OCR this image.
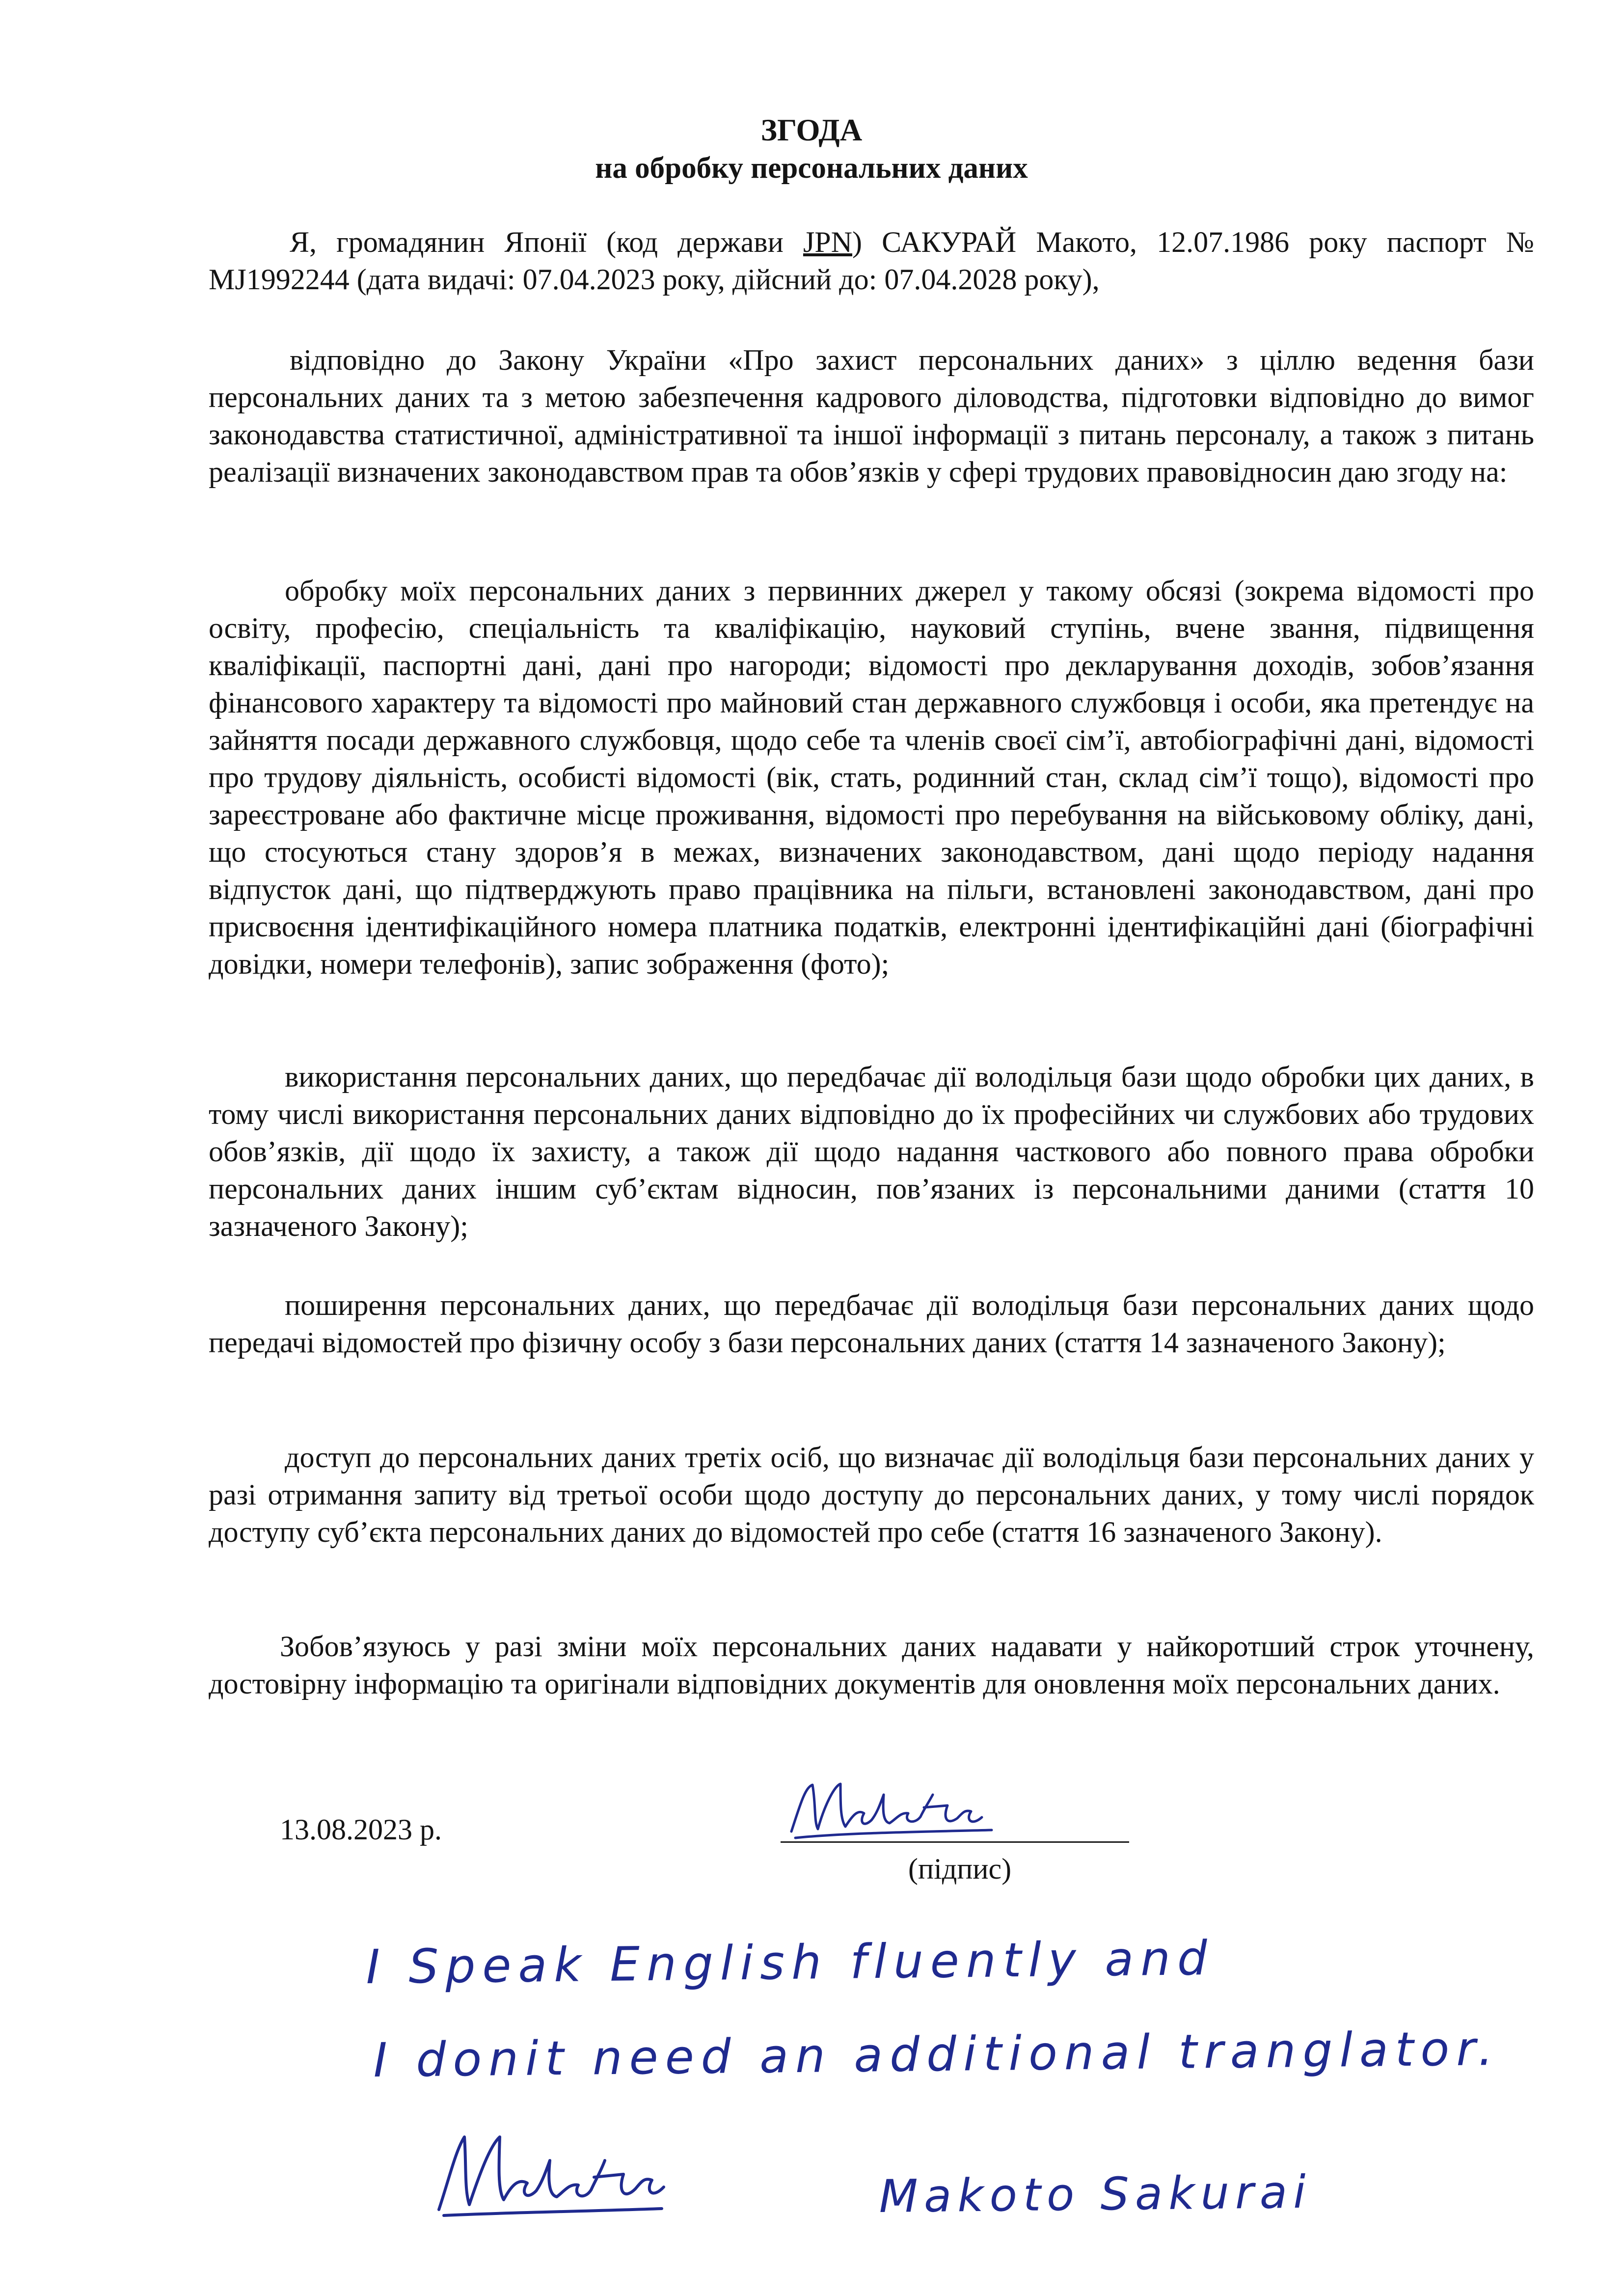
ЗГОДА
на обробку персональних даних
Я, громадянин Японії (код держави JPN) САКУРАЙ Макото, 12.07.1986 року паспорт № MJ1992244 (дата видачі: 07.04.2023 року, дійсний до: 07.04.2028 року),
відповідно до Закону України «Про захист персональних даних» з ціллю ведення бази персональних даних та з метою забезпечення кадрового діловодства, підготовки відповідно до вимог законодавства статистичної, адміністративної та іншої інформації з питань персоналу, а також з питань реалізації визначених законодавством прав та обов’язків у сфері трудових правовідносин даю згоду на:
обробку моїх персональних даних з первинних джерел у такому обсязі (зокрема відомості про освіту, професію, спеціальність та кваліфікацію, науковий ступінь, вчене звання, підвищення кваліфікації, паспортні дані, дані про нагороди; відомості про декларування доходів, зобов’язання фінансового характеру та відомості про майновий стан державного службовця і особи, яка претендує на зайняття посади державного службовця, щодо себе та членів своєї сім’ї, автобіографічні дані, відомості про трудову діяльність, особисті відомості (вік, стать, родинний стан, склад сім’ї тощо), відомості про зареєстроване або фактичне місце проживання, відомості про перебування на військовому обліку, дані, що стосуються стану здоров’я в межах, визначених законодавством, дані щодо періоду надання відпусток дані, що підтверджують право працівника на пільги, встановлені законодавством, дані про присвоєння ідентифікаційного номера платника податків, електронні ідентифікаційні дані (біографічні довідки, номери телефонів), запис зображення (фото);
використання персональних даних, що передбачає дії володільця бази щодо обробки цих даних, в тому числі використання персональних даних відповідно до їх професійних чи службових або трудових обов’язків, дії щодо їх захисту, а також дії щодо надання часткового або повного права обробки персональних даних іншим суб’єктам відносин, пов’язаних із персональними даними (стаття 10 зазначеного Закону);
поширення персональних даних, що передбачає дії володільця бази персональних даних щодо передачі відомостей про фізичну особу з бази персональних даних (стаття 14 зазначеного Закону);
доступ до персональних даних третіх осіб, що визначає дії володільця бази персональних даних у разі отримання запиту від третьої особи щодо доступу до персональних даних, у тому числі порядок доступу суб’єкта персональних даних до відомостей про себе (стаття 16 зазначеного Закону).
Зобов’язуюсь у разі зміни моїх персональних даних надавати у найкоротший строк уточнену, достовірну інформацію та оригінали відповідних документів для оновлення моїх персональних даних.
13.08.2023 р.
(підпис)
I Speak English fluently and
I donit need an additional tranglator.
Makoto Sakurai
